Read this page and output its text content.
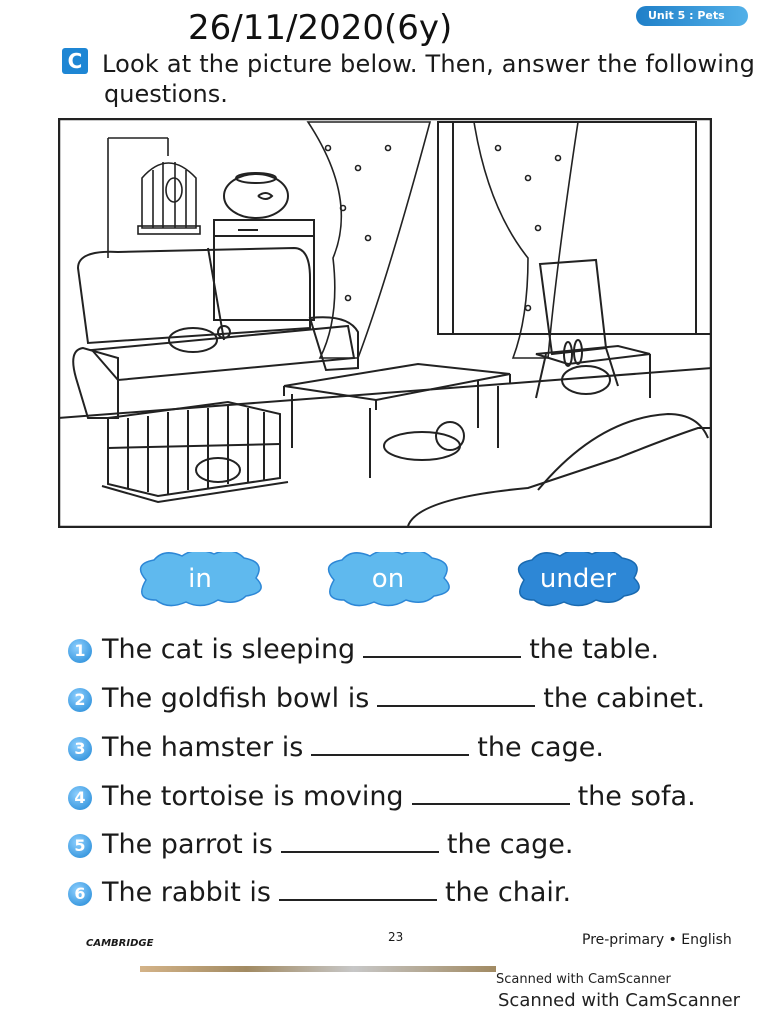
26/11/2020(6y)	Unit 5 : Pets
C Look at the picture below. Then, answer the following
questions.
in	on	under
1 The cat is sleeping	the table.
2 The goldfish bowl is	the cabinet.
3 The hamster is	the cage.
4 The tortoise is moving	the sofa.
5 The parrot is	the cage.
6 The rabbit is	the chair.
CAMBRIDGE	23	Pre-primary • English
Scanned with CamScanner
Scanned with CamScanner
